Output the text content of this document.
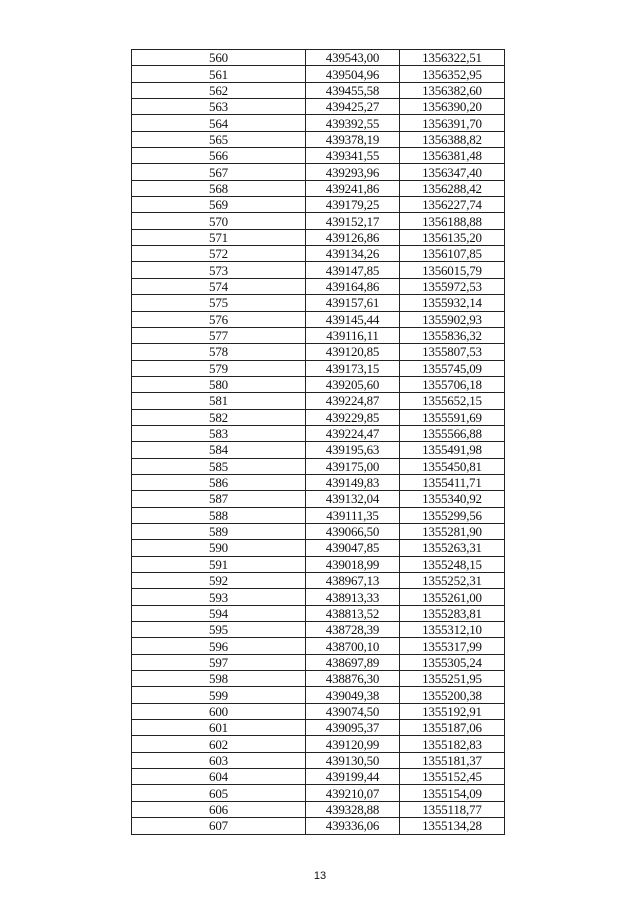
560	439543,00	1356322,51
561	439504,96	1356352,95
562	439455,58	1356382,60
563	439425,27	1356390,20
564	439392,55	1356391,70
565	439378,19	1356388,82
566	439341,55	1356381,48
567	439293,96	1356347,40
568	439241,86	1356288,42
569	439179,25	1356227,74
570	439152,17	1356188,88
571	439126,86	1356135,20
572	439134,26	1356107,85
573	439147,85	1356015,79
574	439164,86	1355972,53
575	439157,61	1355932,14
576	439145,44	1355902,93
577	439116,11	1355836,32
578	439120,85	1355807,53
579	439173,15	1355745,09
580	439205,60	1355706,18
581	439224,87	1355652,15
582	439229,85	1355591,69
583	439224,47	1355566,88
584	439195,63	1355491,98
585	439175,00	1355450,81
586	439149,83	1355411,71
587	439132,04	1355340,92
588	439111,35	1355299,56
589	439066,50	1355281,90
590	439047,85	1355263,31
591	439018,99	1355248,15
592	438967,13	1355252,31
593	438913,33	1355261,00
594	438813,52	1355283,81
595	438728,39	1355312,10
596	438700,10	1355317,99
597	438697,89	1355305,24
598	438876,30	1355251,95
599	439049,38	1355200,38
600	439074,50	1355192,91
601	439095,37	1355187,06
602	439120,99	1355182,83
603	439130,50	1355181,37
604	439199,44	1355152,45
605	439210,07	1355154,09
606	439328,88	1355118,77
607	439336,06	1355134,28
13
